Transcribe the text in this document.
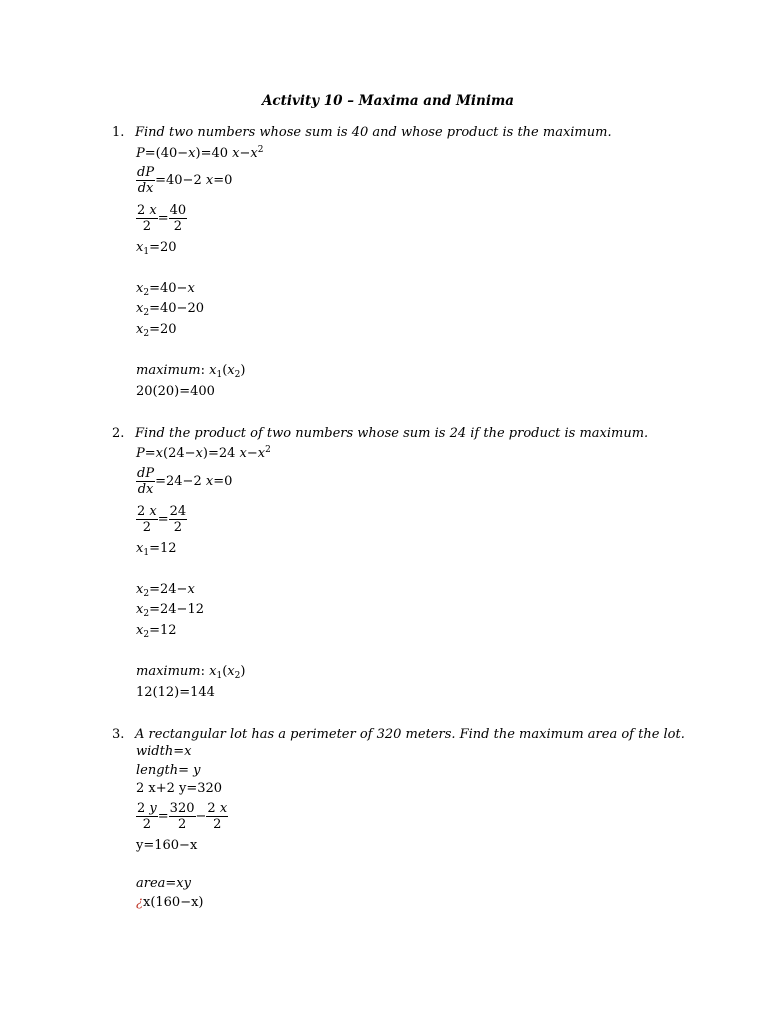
Activity 10 – Maxima and Minima
1. Find two numbers whose sum is 40 and whose product is the maximum.
P=(40−x)=40 $x-x^2$
$\frac{dP}{dx} =40-2$ x=0
$\frac{2 x}{2} = \frac{40}{2}$
$x_1=20$
$x_2=40-x$
$x_2=40-20$
$x_2=20$
maximum: $x_1(x_2)$
20(20)=400
2. Find the product of two numbers whose sum is 24 if the product is maximum.
P=x(24−x)=24 $x-x^2$
$\frac{dP}{dx} =24-2$ x=0
$\frac{2 x}{2} = \frac{24}{2}$
$x_1=12$
$x_2=24-x$
$x_2=24-12$
$x_2=12$
maximum: $x_1(x_2)$
12(12)=144
3. A rectangular lot has a perimeter of 320 meters. Find the maximum area of the lot.
width=x
length= y
2 x+2 y=320
$\frac{2 y}{2} = \frac{320}{2} - \frac{2 x}{2}$
y=160−x
area=xy
¿x(160−x)
